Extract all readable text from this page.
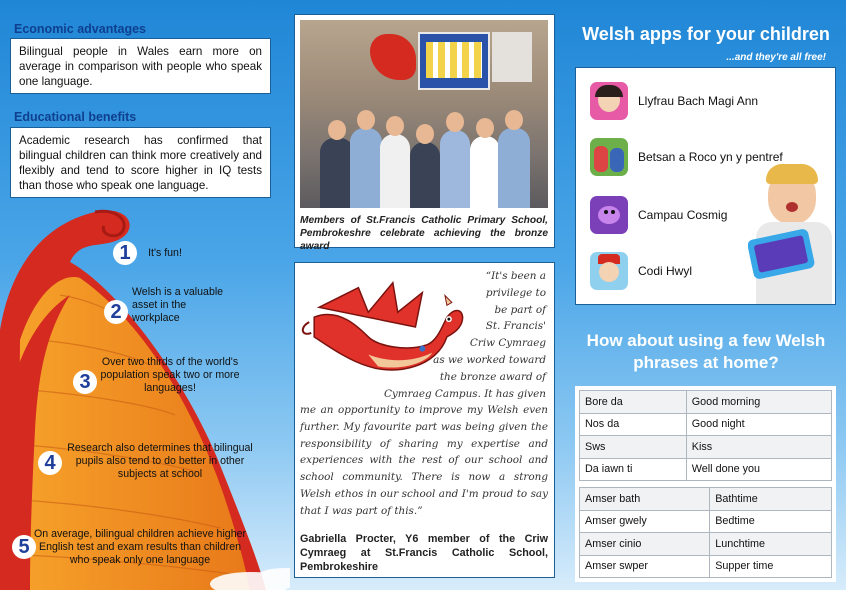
Economic advantages
Bilingual people in Wales earn more on average in comparison with people who speak one language.
Educational benefits
Academic research has confirmed that bilingual children can think more creatively and flexibly and tend to score higher in IQ tests than those who speak one language.
1	It's fun!
2
Welsh is a valuable asset in the workplace
3
Over two thirds of the world's population speak two or more languages!
4
Research also determines that bilingual pupils also tend to do better in other subjects at school
5
On average, bilingual children achieve higher English test and exam results than children who speak only one language
Members of St.Francis Catholic Primary School, Pembrokeshre celebrate achieving the bronze award
“It's been a
privilege to
be part of
St. Francis'
Criw Cymraeg
as we worked toward
the bronze award of
Cymraeg Campus. It has given
me an opportunity to improve my Welsh even further. My favourite part was being given the responsibility of sharing my expertise and experiences with the rest of our school and school community. There is now a strong Welsh ethos in our school and I'm proud to say that I was part of this.”
Gabriella Procter, Y6 member of the Criw Cymraeg at St.Francis Catholic School, Pembrokeshire
Welsh apps for your children
...and they're all free!
Llyfrau Bach Magi Ann
Betsan a Roco yn y pentref
Campau Cosmig
Codi Hwyl
How about using a few Welsh phrases at home?
Bore da	Good morning
Nos da	Good night
Sws	Kiss
Da iawn ti	Well done you
Amser bath	Bathtime
Amser gwely	Bedtime
Amser cinio	Lunchtime
Amser swper	Supper time
